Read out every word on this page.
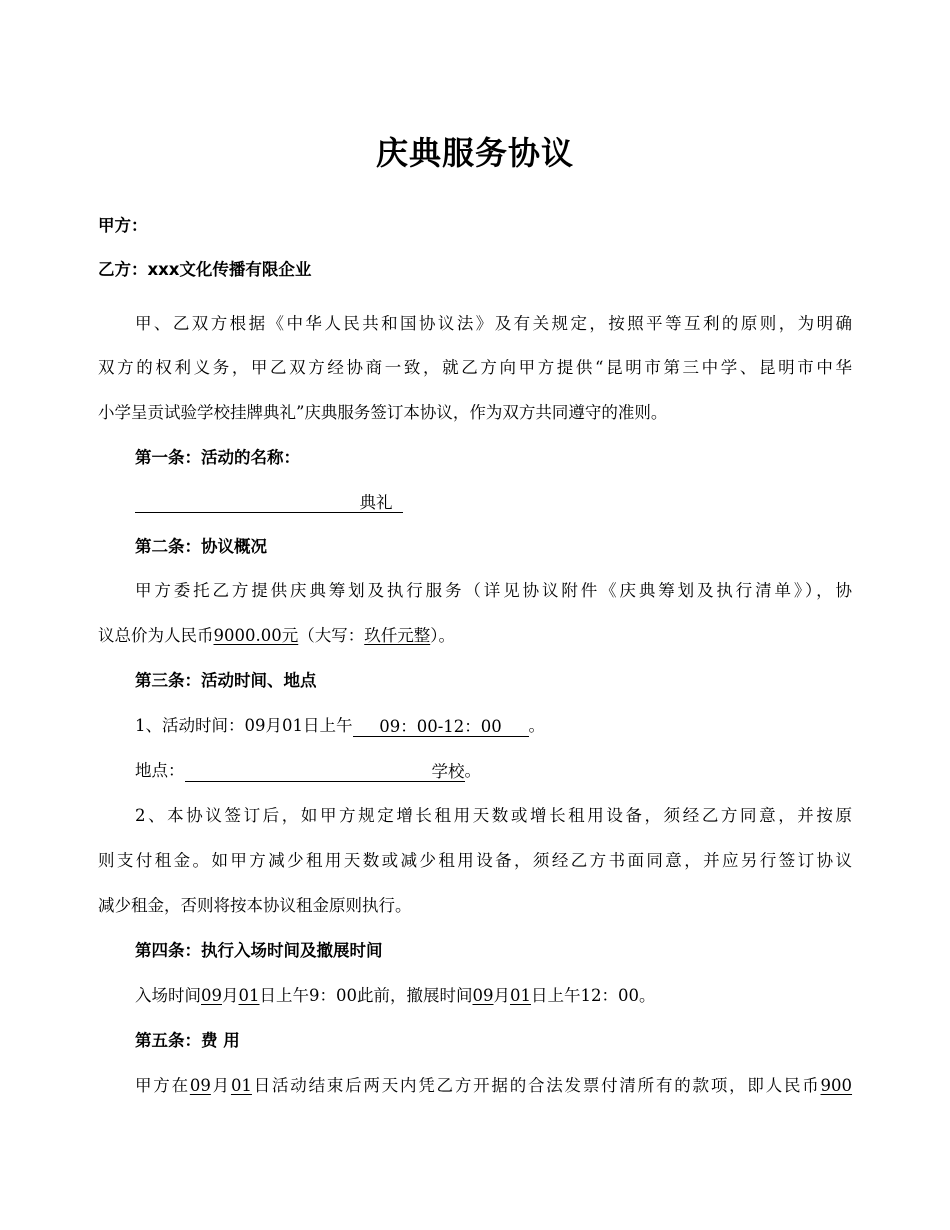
庆典服务协议
甲方：
乙方：xxx文化传播有限企业
甲、乙双方根据《中华人民共和国协议法》及有关规定，按照平等互利的原则，为明确
双方的权利义务，甲乙双方经协商一致，就乙方向甲方提供“昆明市第三中学、昆明市中华
小学呈贡试验学校挂牌典礼”庆典服务签订本协议，作为双方共同遵守的准则。
第一条：活动的名称：
典礼
第二条：协议概况
甲方委托乙方提供庆典筹划及执行服务（详见协议附件《庆典筹划及执行清单》），协
议总价为人民币9000.00元（大写：玖仟元整）。
第三条：活动时间、地点
1、活动时间：09月01日上午 09：00-12：00 。
地点：	学校。
2、本协议签订后，如甲方规定增长租用天数或增长租用设备，须经乙方同意，并按原
则支付租金。如甲方减少租用天数或减少租用设备，须经乙方书面同意，并应另行签订协议
减少租金，否则将按本协议租金原则执行。
第四条：执行入场时间及撤展时间
入场时间09月01日上午9：00此前，撤展时间09月01日上午12：00。
第五条：费 用
甲方在09月01日活动结束后两天内凭乙方开据的合法发票付清所有的款项，即人民币900
